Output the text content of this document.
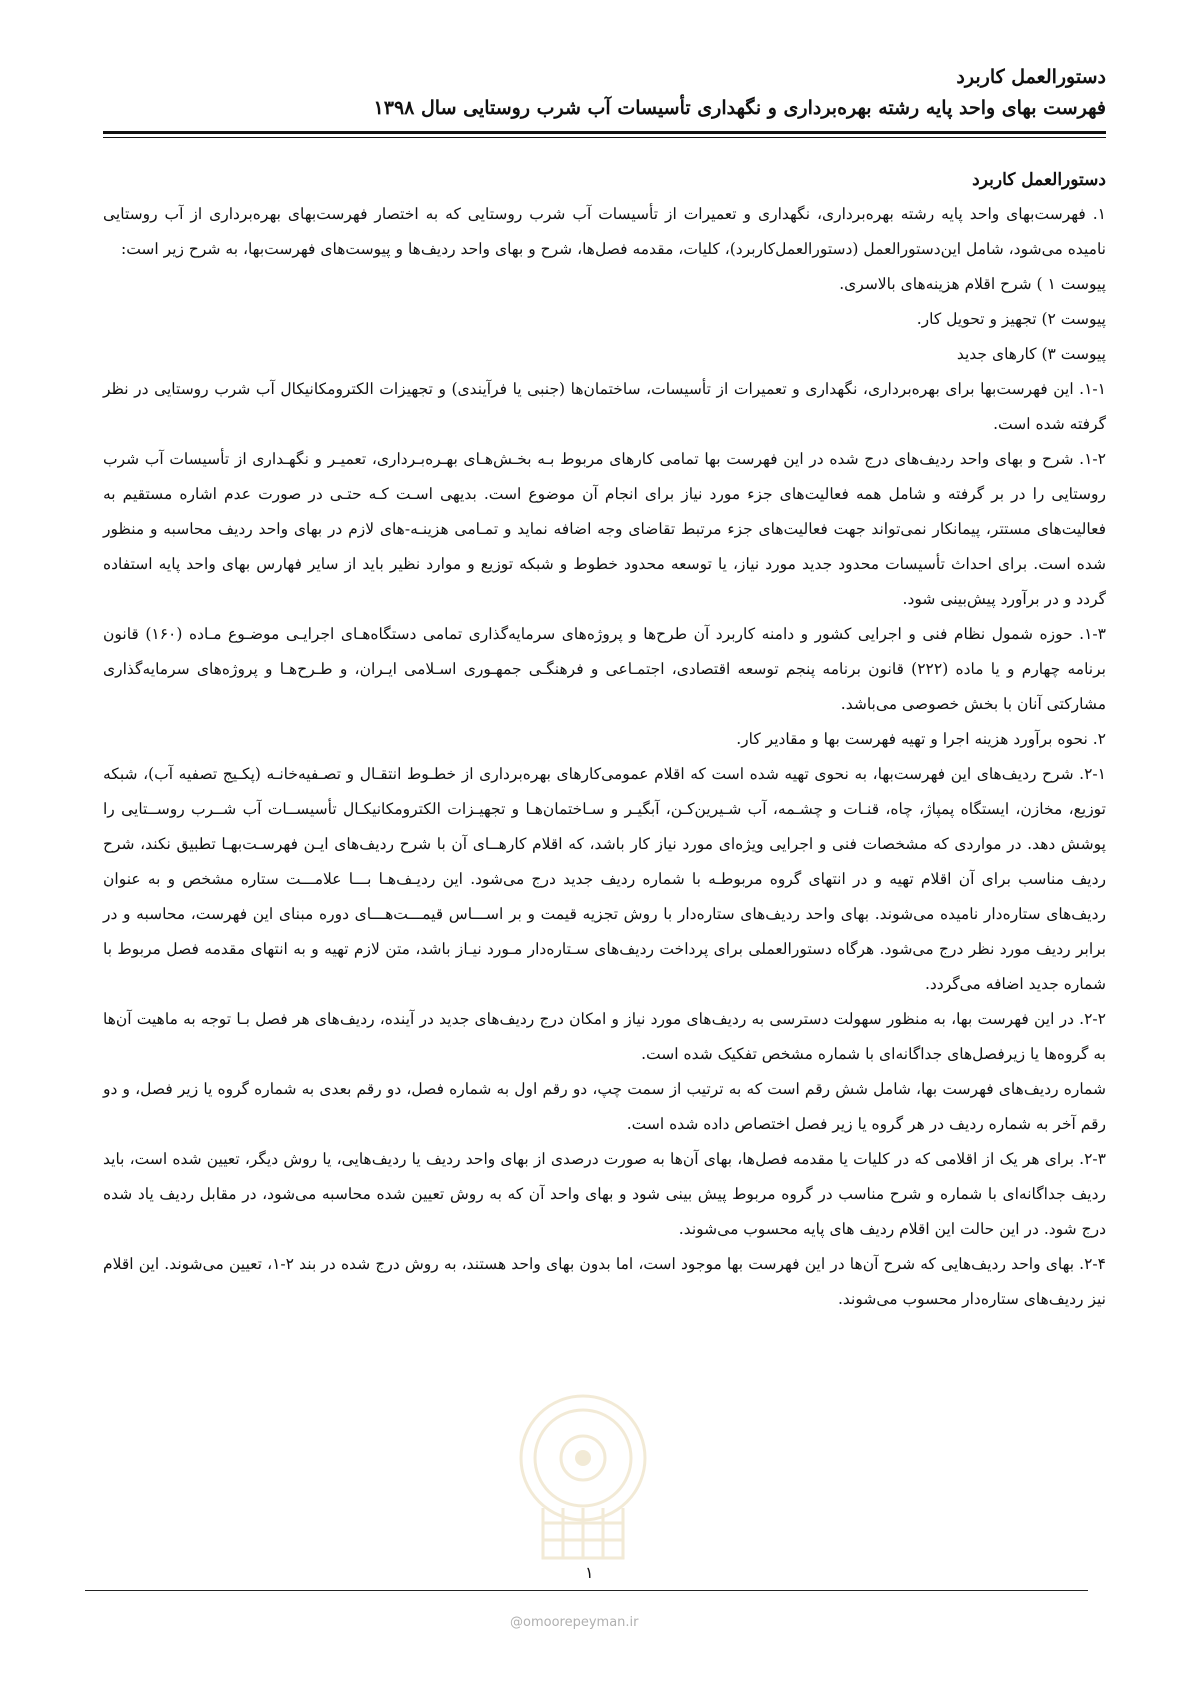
دستورالعمل کاربرد
فهرست بهای واحد پایه رشته بهره‌برداری و نگهداری تأسیسات آب شرب روستایی سال ۱۳۹۸
دستورالعمل کاربرد

۱. فهرست‌بهای واحد پایه رشته بهره‌برداری، نگهداری و تعمیرات از تأسیسات آب شرب روستایی که به اختصار فهرست‌بهای بهره‌برداری از آب روستایی نامیده می‌شود، شامل این‌دستورالعمل (دستورالعمل‌کاربرد)، کلیات، مقدمه فصل‌ها، شرح و بهای واحد ردیف‌ها و پیوست‌های فهرست‌بها، به شرح زیر است:

پیوست ۱ ) شرح اقلام هزینه‌های بالاسری.

پیوست ۲) تجهیز و تحویل کار.

پیوست ۳) کارهای جدید

۱-۱. این فهرست‌بها برای بهره‌برداری، نگهداری و تعمیرات از تأسیسات، ساختمان‌ها (جنبی یا فرآیندی) و تجهیزات الکترومکانیکال آب شرب روستایی در نظر گرفته شده است.

۱-۲. شرح و بهای واحد ردیف‌های درج شده در این فهرست بها تمامی کارهای مربوط بـه بخـش‌هـای بهـره‌بـرداری، تعمیـر و نگهـداری از تأسیسات آب شرب روستایی را در بر گرفته و شامل همه فعالیت‌های جزء مورد نیاز برای انجام آن موضوع است. بدیهی اسـت کـه حتـی در صورت عدم اشاره مستقیم به فعالیت‌های مستتر، پیمانکار نمی‌تواند جهت فعالیت‌های جزء مرتبط تقاضای وجه اضافه نماید و تمـامی هزینـه-های لازم در بهای واحد ردیف محاسبه و منظور شده است. برای احداث تأسیسات محدود جدید مورد نیاز، یا توسعه محدود خطوط و شبکه توزیع و موارد نظیر باید از سایر فهارس بهای واحد پایه استفاده گردد و در برآورد پیش‌بینی شود.

۱-۳. حوزه شمول نظام فنی و اجرایی کشور و دامنه کاربرد آن طرح‌ها و پروژه‌های سرمایه‌گذاری تمامی دستگاه‌هـای اجرایـی موضـوع مـاده (۱۶۰) قانون برنامه چهارم و یا ماده (۲۲۲) قانون برنامه پنجم توسعه اقتصادی، اجتمـاعی و فرهنگـی جمهـوری اسـلامی ایـران، و طـرح‌هـا و پروژه‌های سرمایه‌گذاری مشارکتی آنان با بخش خصوصی می‌باشد.

۲. نحوه برآورد هزینه اجرا و تهیه فهرست بها و مقادیر کار.

۲-۱. شرح ردیف‌های این فهرست‌بها، به نحوی تهیه شده است که اقلام عمومی‌کارهای بهره‌برداری از خطـوط انتقـال و تصـفیه‌خانـه (پکـیج تصفیه آب)، شبکه توزیع، مخازن، ایستگاه پمپاژ، چاه، قنـات و چشـمه، آب شـیرین‌کـن، آبگیـر و سـاختمان‌هـا و تجهیـزات الکترومکانیکـال تأسیســات آب شــرب روســتایی را پوشش دهد. در مواردی که مشخصات فنی و اجرایی ویژه‌ای مورد نیاز کار باشد، که اقلام کارهــای آن با شرح ردیف‌های ایـن فهرسـت‌بهـا تطبیق نکند، شرح ردیف مناسب برای آن اقلام تهیه و در انتهای گروه مربوطـه با شماره ردیف جدید درج می‌شود. این ردیـف‌هـا بـــا علامـــت ستاره مشخص و به عنوان ردیف‌های ستاره‌دار نامیده می‌شوند. بهای واحد ردیف‌های ستاره‌دار با روش تجزیه قیمت و بر اســـاس قیمـــت‌هـــای دوره مبنای این فهرست، محاسبه و در برابر ردیف مورد نظر درج می‌شود. هرگاه دستورالعملی برای پرداخت ردیف‌های سـتاره‌دار مـورد نیـاز باشد، متن لازم تهیه و به انتهای مقدمه فصل مربوط با شماره جدید اضافه می‌گردد.

۲-۲. در این فهرست بها، به منظور سهولت دسترسی به ردیف‌های مورد نیاز و امکان درج ردیف‌های جدید در آینده، ردیف‌های هر فصل بـا توجه به ماهیت آن‌ها به گروه‌ها یا زیرفصل‌های جداگانه‌ای با شماره مشخص تفکیک شده است.

شماره ردیف‌های فهرست بها، شامل شش رقم است که به ترتیب از سمت چپ، دو رقم اول به شماره فصل، دو رقم بعدی به شماره گروه یا زیر فصل، و دو رقم آخر به شماره ردیف در هر گروه یا زیر فصل اختصاص داده شده است.

۲-۳. برای هر یک از اقلامی که در کلیات یا مقدمه فصل‌ها، بهای آن‌ها به صورت درصدی از بهای واحد ردیف یا ردیف‌هایی، یا روش دیگر، تعیین شده است، باید ردیف جداگانه‌ای با شماره و شرح مناسب در گروه مربوط پیش بینی شود و بهای واحد آن که به روش تعیین شده محاسبه می‌شود، در مقابل ردیف یاد شده درج شود. در این حالت این اقلام ردیف های پایه محسوب می‌شوند.

۲-۴. بهای واحد ردیف‌هایی که شرح آن‌ها در این فهرست بها موجود است، اما بدون بهای واحد هستند، به روش درج شده در بند ۲-۱، تعیین می‌شوند. این اقلام نیز ردیف‌های ستاره‌دار محسوب می‌شوند.

۱
@omoorepeyman.ir
